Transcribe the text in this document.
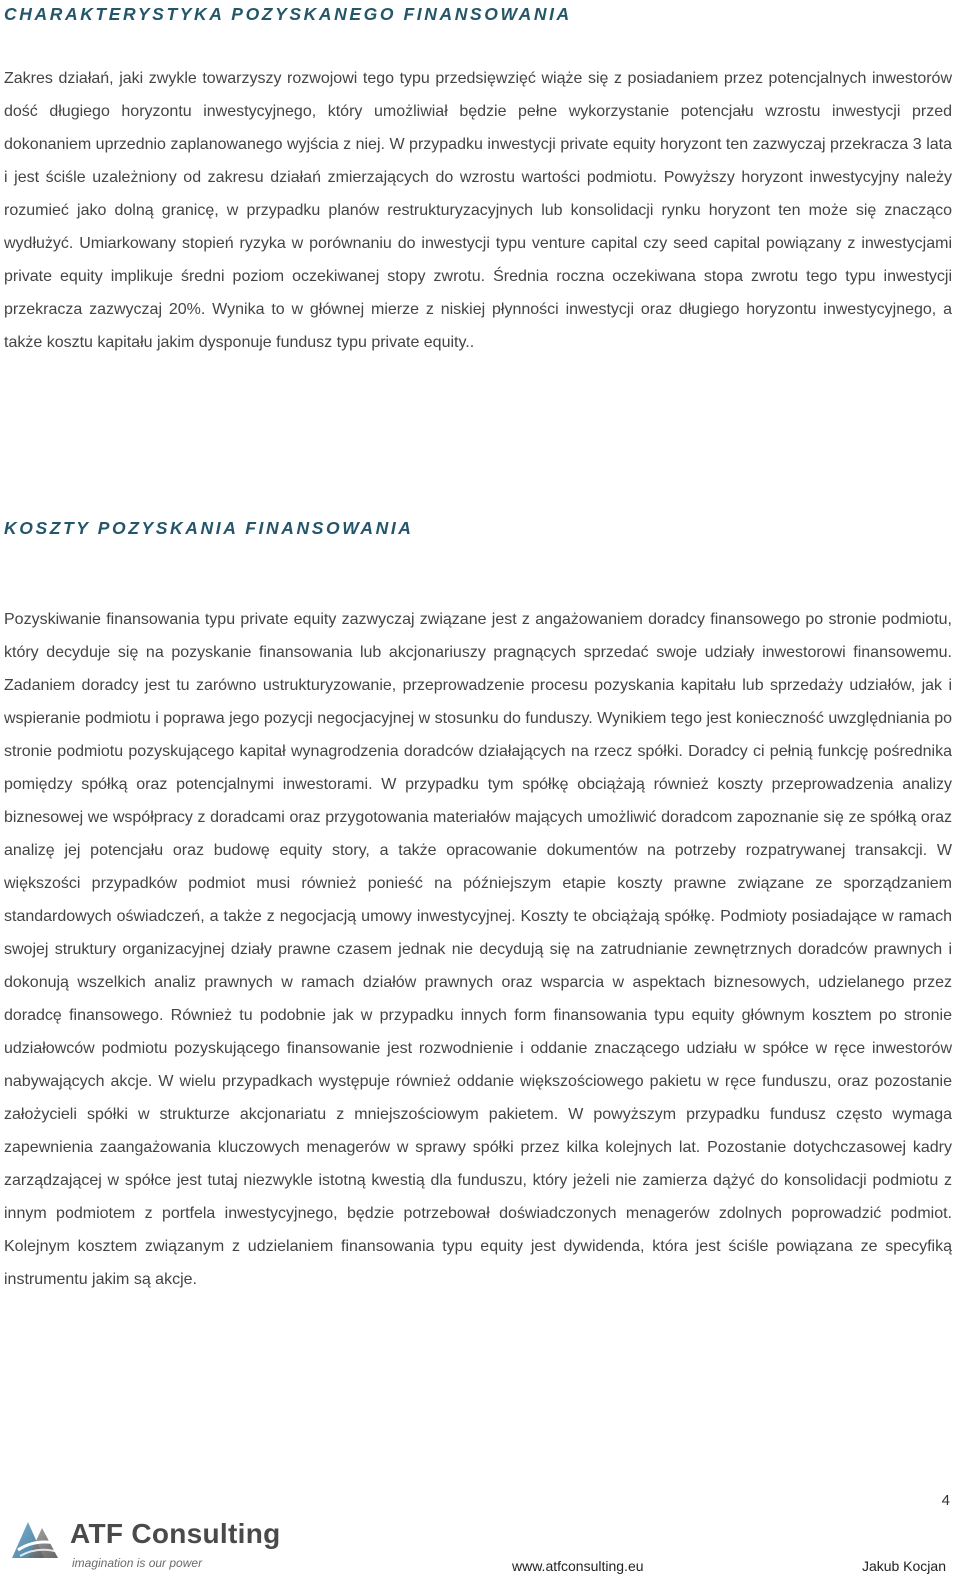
CHARAKTERYSTYKA POZYSKANEGO FINANSOWANIA

Zakres działań, jaki zwykle towarzyszy rozwojowi tego typu przedsięwzięć wiąże się z posiadaniem przez potencjalnych inwestorów dość długiego horyzontu inwestycyjnego, który umożliwiał będzie pełne wykorzystanie potencjału wzrostu inwestycji przed dokonaniem uprzednio zaplanowanego wyjścia z niej. W przypadku inwestycji private equity horyzont ten zazwyczaj przekracza 3 lata i jest ściśle uzależniony od zakresu działań zmierzających do wzrostu wartości podmiotu. Powyższy horyzont inwestycyjny należy rozumieć jako dolną granicę, w przypadku planów restrukturyzacyjnych lub konsolidacji rynku horyzont ten może się znacząco wydłużyć. Umiarkowany stopień ryzyka w porównaniu do inwestycji typu venture capital czy seed capital powiązany z inwestycjami private equity implikuje średni poziom oczekiwanej stopy zwrotu. Średnia roczna oczekiwana stopa zwrotu tego typu inwestycji przekracza zazwyczaj 20%. Wynika to w głównej mierze z niskiej płynności inwestycji oraz długiego horyzontu inwestycyjnego, a także kosztu kapitału jakim dysponuje fundusz typu private equity..

KOSZTY POZYSKANIA FINANSOWANIA

Pozyskiwanie finansowania typu private equity zazwyczaj związane jest z angażowaniem doradcy finansowego po stronie podmiotu, który decyduje się na pozyskanie finansowania lub akcjonariuszy pragnących sprzedać swoje udziały inwestorowi finansowemu. Zadaniem doradcy jest tu zarówno ustrukturyzowanie, przeprowadzenie procesu pozyskania kapitału lub sprzedaży udziałów, jak i wspieranie podmiotu i poprawa jego pozycji negocjacyjnej w stosunku do funduszy. Wynikiem tego jest konieczność uwzględniania po stronie podmiotu pozyskującego kapitał wynagrodzenia doradców działających na rzecz spółki. Doradcy ci pełnią funkcję pośrednika pomiędzy spółką oraz potencjalnymi inwestorami. W przypadku tym spółkę obciążają również koszty przeprowadzenia analizy biznesowej we współpracy z doradcami oraz przygotowania materiałów mających umożliwić doradcom zapoznanie się ze spółką oraz analizę jej potencjału oraz budowę equity story, a także opracowanie dokumentów na potrzeby rozpatrywanej transakcji. W większości przypadków podmiot musi również ponieść na późniejszym etapie koszty prawne związane ze sporządzaniem standardowych oświadczeń, a także z negocjacją umowy inwestycyjnej. Koszty te obciążają spółkę. Podmioty posiadające w ramach swojej struktury organizacyjnej działy prawne czasem jednak nie decydują się na zatrudnianie zewnętrznych doradców prawnych i dokonują wszelkich analiz prawnych w ramach działów prawnych oraz wsparcia w aspektach biznesowych, udzielanego przez doradcę finansowego. Również tu podobnie jak w przypadku innych form finansowania typu equity głównym kosztem po stronie udziałowców podmiotu pozyskującego finansowanie jest rozwodnienie i oddanie znaczącego udziału w spółce w ręce inwestorów nabywających akcje. W wielu przypadkach występuje również oddanie większościowego pakietu w ręce funduszu, oraz pozostanie założycieli spółki w strukturze akcjonariatu z mniejszościowym pakietem. W powyższym przypadku fundusz często wymaga zapewnienia zaangażowania kluczowych menagerów w sprawy spółki przez kilka kolejnych lat. Pozostanie dotychczasowej kadry zarządzającej w spółce jest tutaj niezwykle istotną kwestią dla funduszu, który jeżeli nie zamierza dążyć do konsolidacji podmiotu z innym podmiotem z portfela inwestycyjnego, będzie potrzebował doświadczonych menagerów zdolnych poprowadzić podmiot. Kolejnym kosztem związanym z udzielaniem finansowania typu equity jest dywidenda, która jest ściśle powiązana ze specyfiką instrumentu jakim są akcje.

4
ATF Consulting
imagination is our power	www.atfconsulting.eu	Jakub Kocjan
